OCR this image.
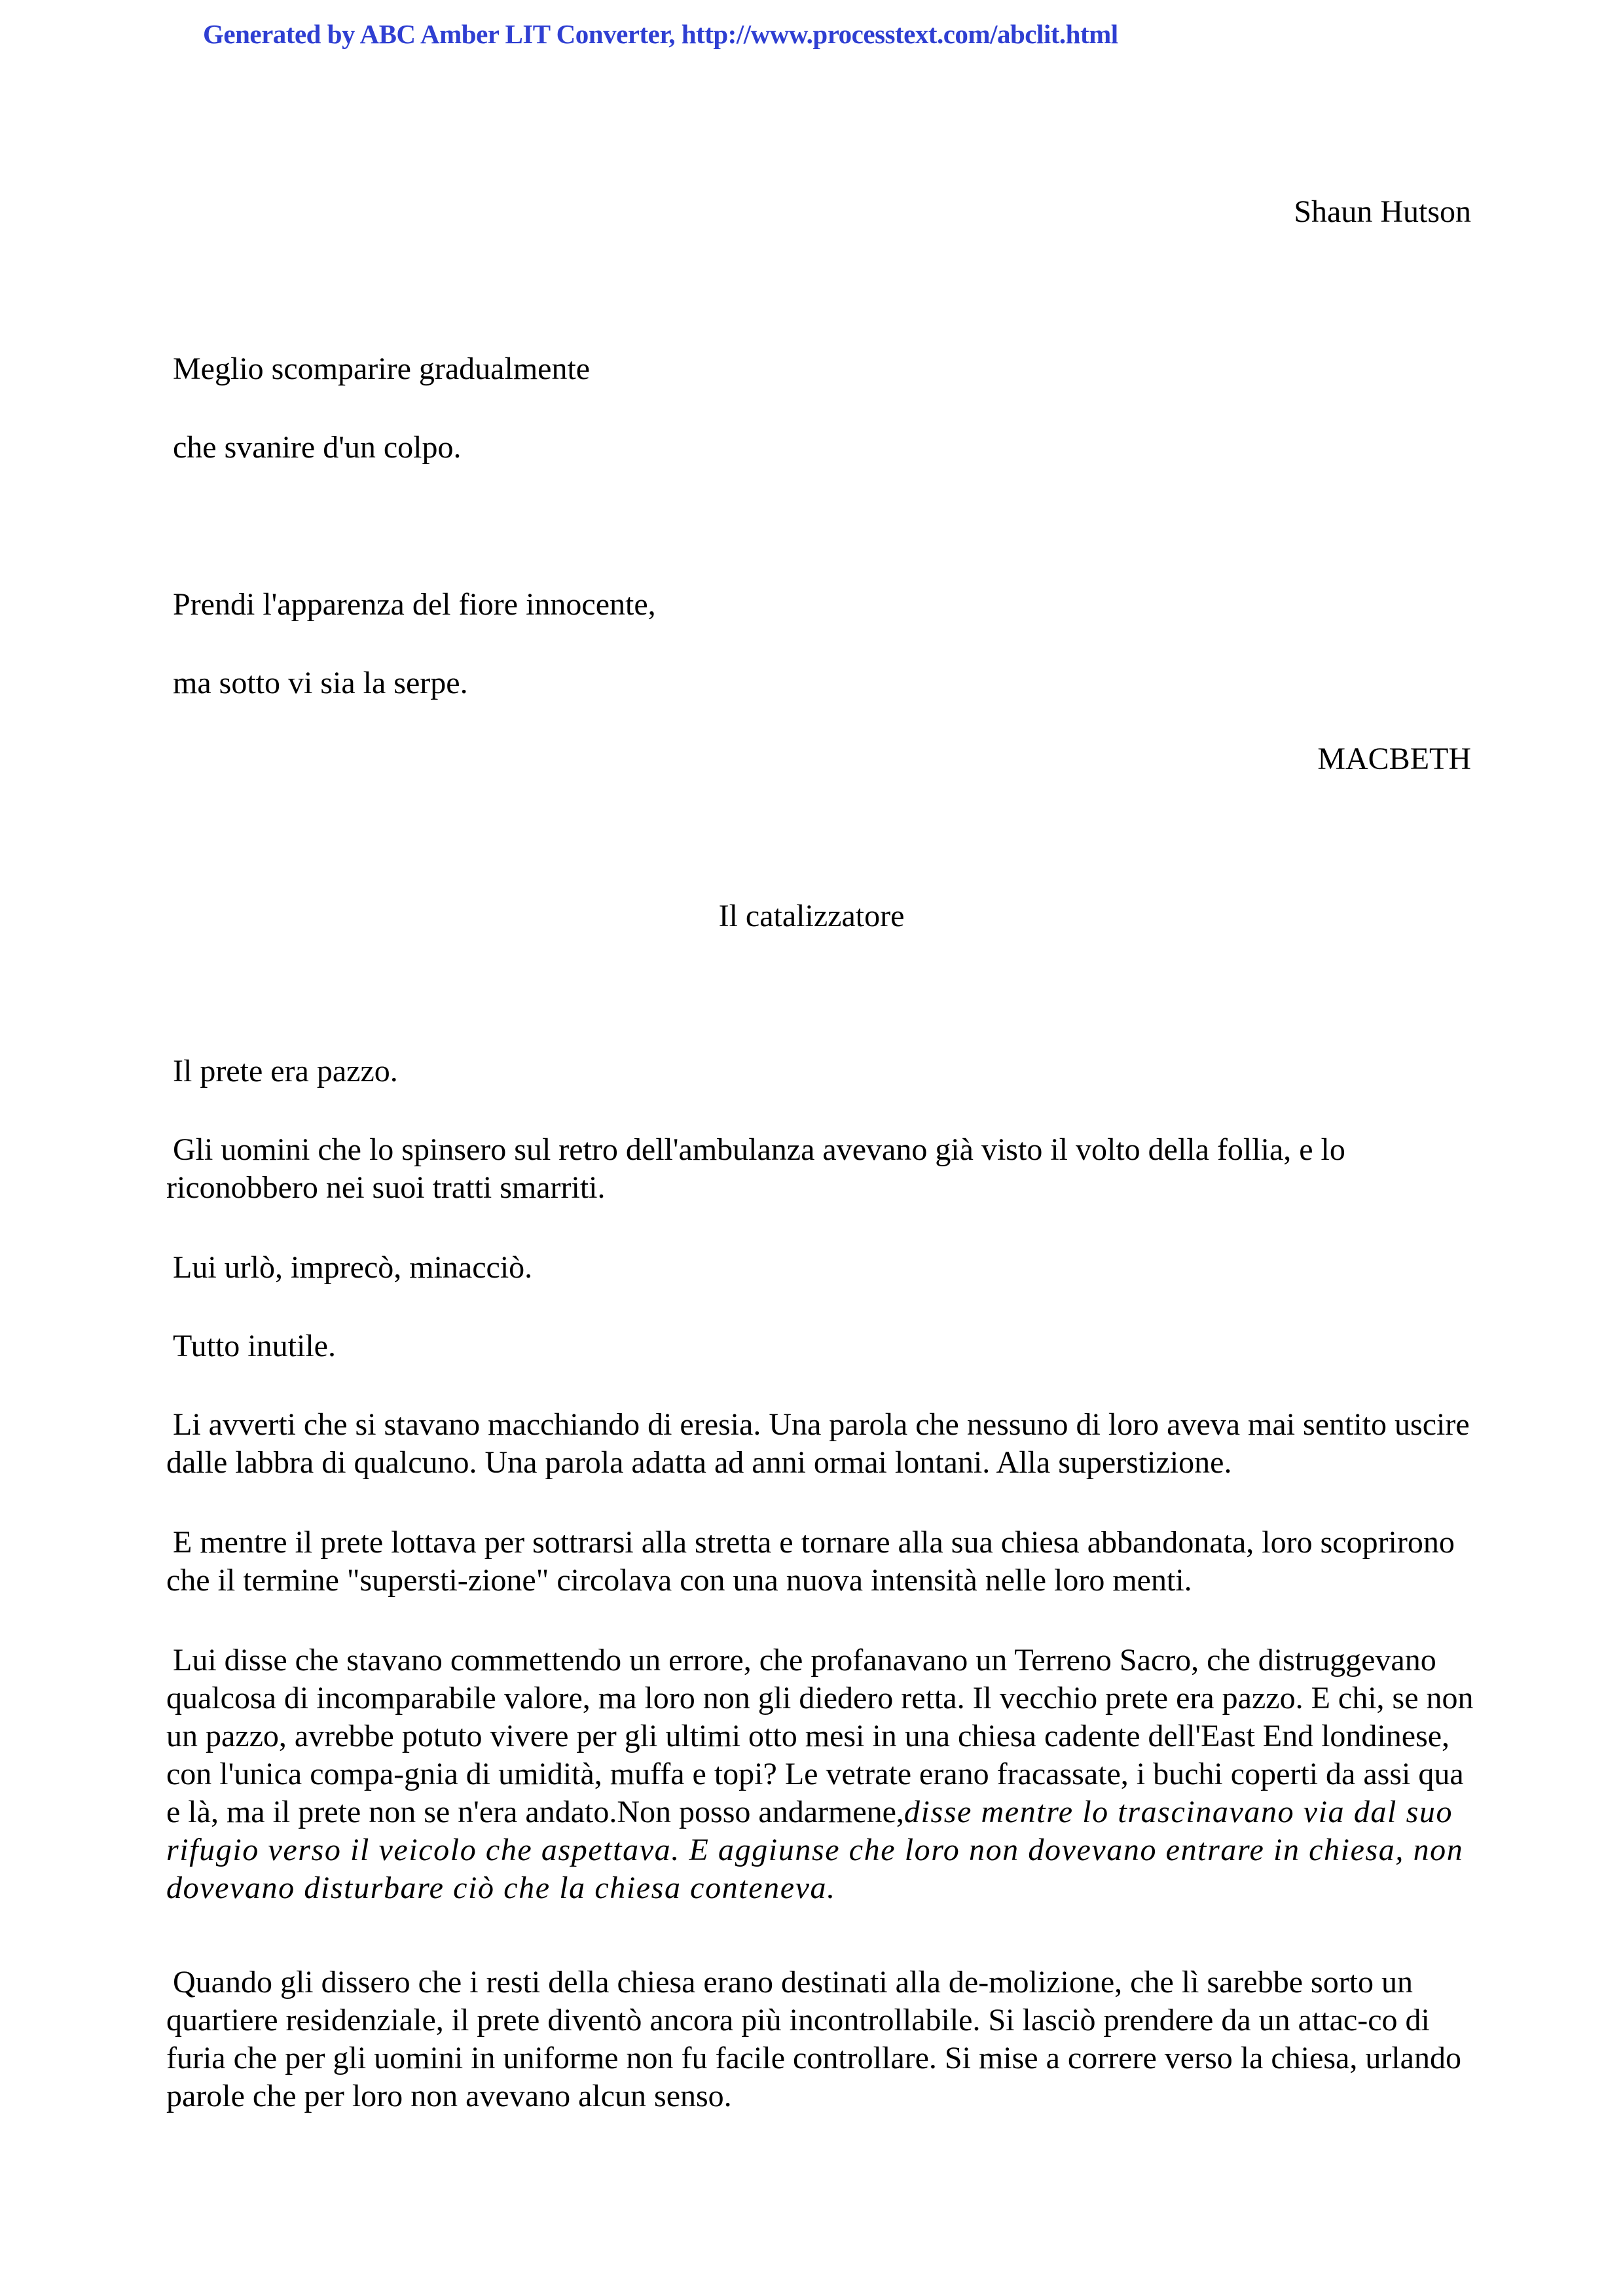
Generated by ABC Amber LIT Converter, http://www.processtext.com/abclit.html
Shaun Hutson
Meglio scomparire gradualmente
che svanire d'un colpo.
Prendi l'apparenza del fiore innocente,
ma sotto vi sia la serpe.
MACBETH
Il catalizzatore

Il prete era pazzo.

Gli uomini che lo spinsero sul retro dell'ambulanza avevano già visto il volto della follia, e lo riconobbero nei suoi tratti smarriti.

Lui urlò, imprecò, minacciò.

Tutto inutile.

Li avverti che si stavano macchiando di eresia. Una parola che nessuno di loro aveva mai sentito uscire dalle labbra di qualcuno. Una parola adatta ad anni ormai lontani. Alla superstizione.

E mentre il prete lottava per sottrarsi alla stretta e tornare alla sua chiesa abbandonata, loro scoprirono che il termine "supersti-zione" circolava con una nuova intensità nelle loro menti.

Lui disse che stavano commettendo un errore, che profanavano un Terreno Sacro, che distruggevano qualcosa di incomparabile valore, ma loro non gli diedero retta. Il vecchio prete era pazzo. E chi, se non un pazzo, avrebbe potuto vivere per gli ultimi otto mesi in una chiesa cadente dell'East End londinese, con l'unica compa-gnia di umidità, muffa e topi? Le vetrate erano fracassate, i buchi coperti da assi qua e là, ma il prete non se n'era andato.Non posso andarmene,disse mentre lo trascinavano via dal suo rifugio verso il veicolo che aspettava. E aggiunse che loro non dovevano entrare in chiesa, non dovevano disturbare ciò che la chiesa conteneva.

Quando gli dissero che i resti della chiesa erano destinati alla de-molizione, che lì sarebbe sorto un quartiere residenziale, il prete diventò ancora più incontrollabile. Si lasciò prendere da un attac-co di furia che per gli uomini in uniforme non fu facile controllare. Si mise a correre verso la chiesa, urlando parole che per loro non avevano alcun senso.
